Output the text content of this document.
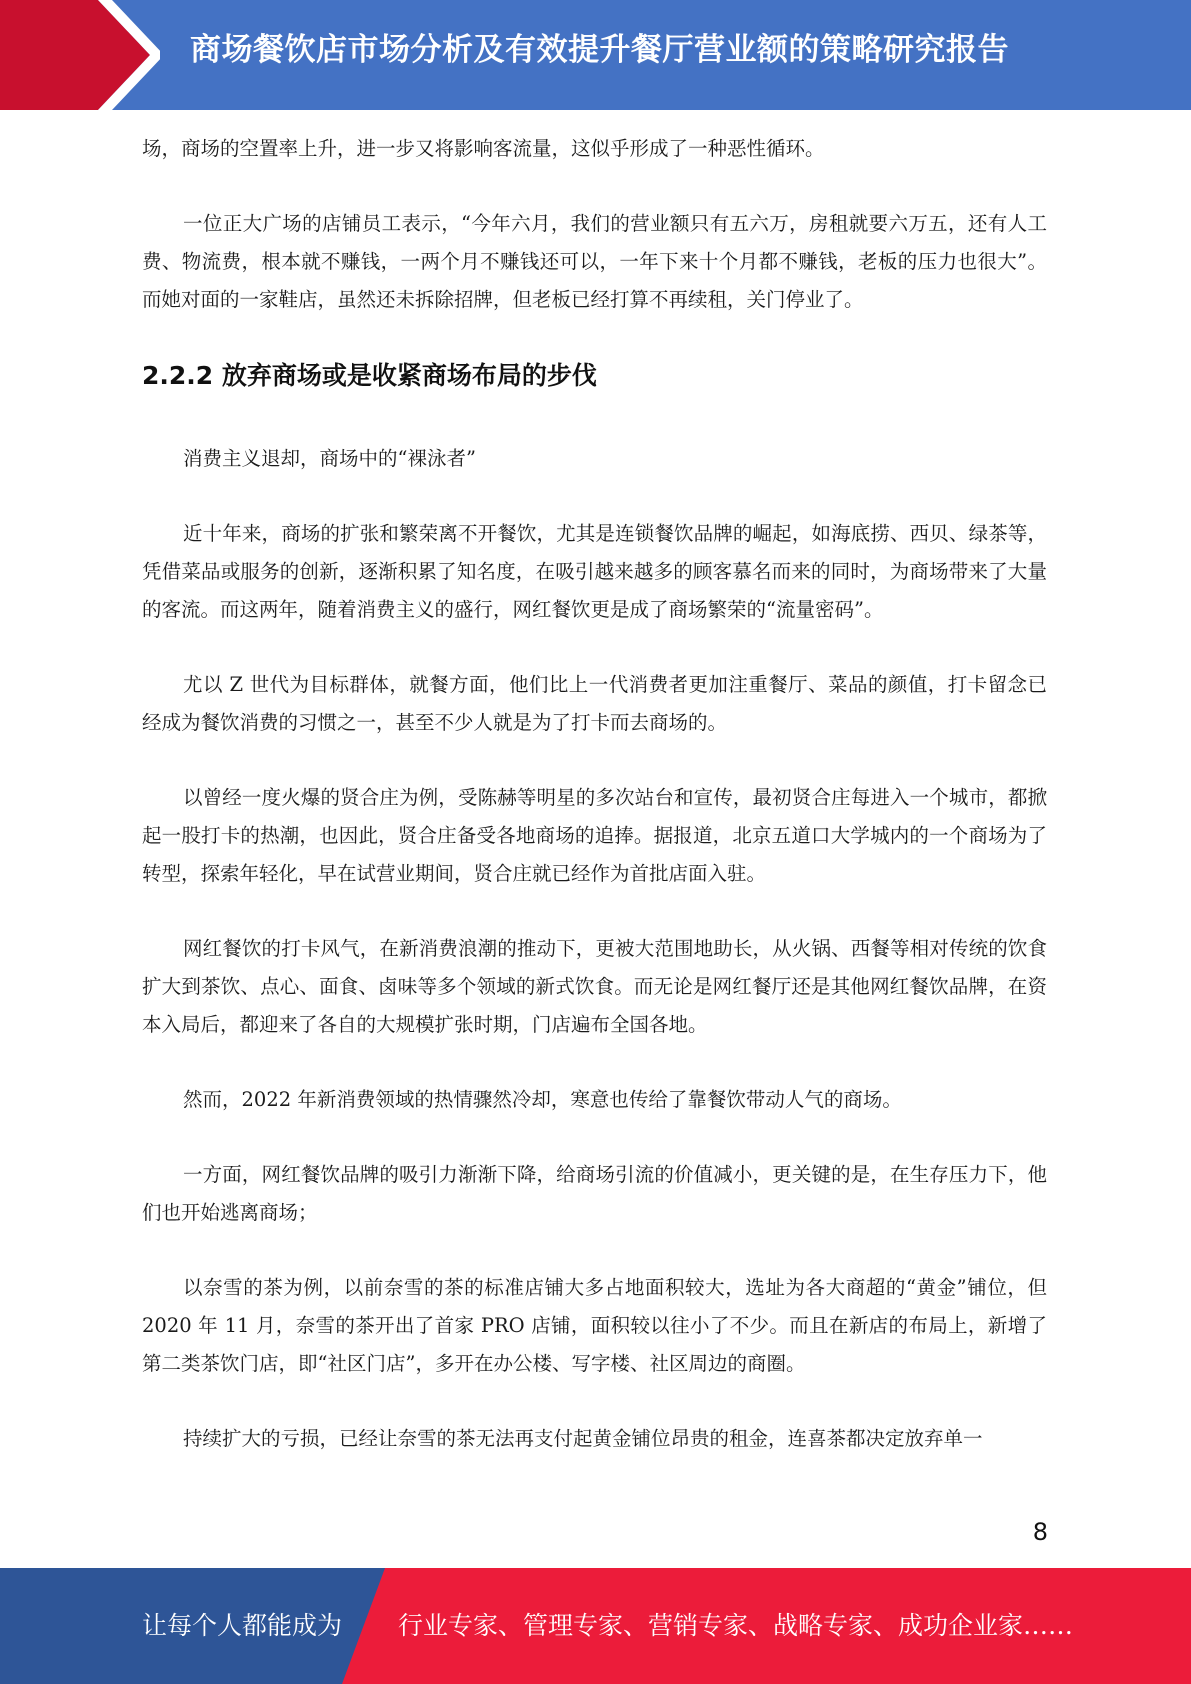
商场餐饮店市场分析及有效提升餐厅营业额的策略研究报告

场，商场的空置率上升，进一步又将影响客流量，这似乎形成了一种恶性循环。

一位正大广场的店铺员工表示，“今年六月，我们的营业额只有五六万，房租就要六万五，还有人工费、物流费，根本就不赚钱，一两个月不赚钱还可以，一年下来十个月都不赚钱，老板的压力也很大”。而她对面的一家鞋店，虽然还未拆除招牌，但老板已经打算不再续租，关门停业了。

2.2.2 放弃商场或是收紧商场布局的步伐

消费主义退却，商场中的“裸泳者”

近十年来，商场的扩张和繁荣离不开餐饮，尤其是连锁餐饮品牌的崛起，如海底捞、西贝、绿茶等，凭借菜品或服务的创新，逐渐积累了知名度，在吸引越来越多的顾客慕名而来的同时，为商场带来了大量的客流。而这两年，随着消费主义的盛行，网红餐饮更是成了商场繁荣的“流量密码”。

尤以 Z 世代为目标群体，就餐方面，他们比上一代消费者更加注重餐厅、菜品的颜值，打卡留念已经成为餐饮消费的习惯之一，甚至不少人就是为了打卡而去商场的。

以曾经一度火爆的贤合庄为例，受陈赫等明星的多次站台和宣传，最初贤合庄每进入一个城市，都掀起一股打卡的热潮，也因此，贤合庄备受各地商场的追捧。据报道，北京五道口大学城内的一个商场为了转型，探索年轻化，早在试营业期间，贤合庄就已经作为首批店面入驻。

网红餐饮的打卡风气，在新消费浪潮的推动下，更被大范围地助长，从火锅、西餐等相对传统的饮食扩大到茶饮、点心、面食、卤味等多个领域的新式饮食。而无论是网红餐厅还是其他网红餐饮品牌，在资本入局后，都迎来了各自的大规模扩张时期，门店遍布全国各地。

然而，2022 年新消费领域的热情骤然冷却，寒意也传给了靠餐饮带动人气的商场。

一方面，网红餐饮品牌的吸引力渐渐下降，给商场引流的价值减小，更关键的是，在生存压力下，他们也开始逃离商场；

以奈雪的茶为例，以前奈雪的茶的标准店铺大多占地面积较大，选址为各大商超的“黄金”铺位，但 2020 年 11 月，奈雪的茶开出了首家 PRO 店铺，面积较以往小了不少。而且在新店的布局上，新增了第二类茶饮门店，即“社区门店”，多开在办公楼、写字楼、社区周边的商圈。

持续扩大的亏损，已经让奈雪的茶无法再支付起黄金铺位昂贵的租金，连喜茶都决定放弃单一

8
让每个人都能成为 行业专家、管理专家、营销专家、战略专家、成功企业家……
